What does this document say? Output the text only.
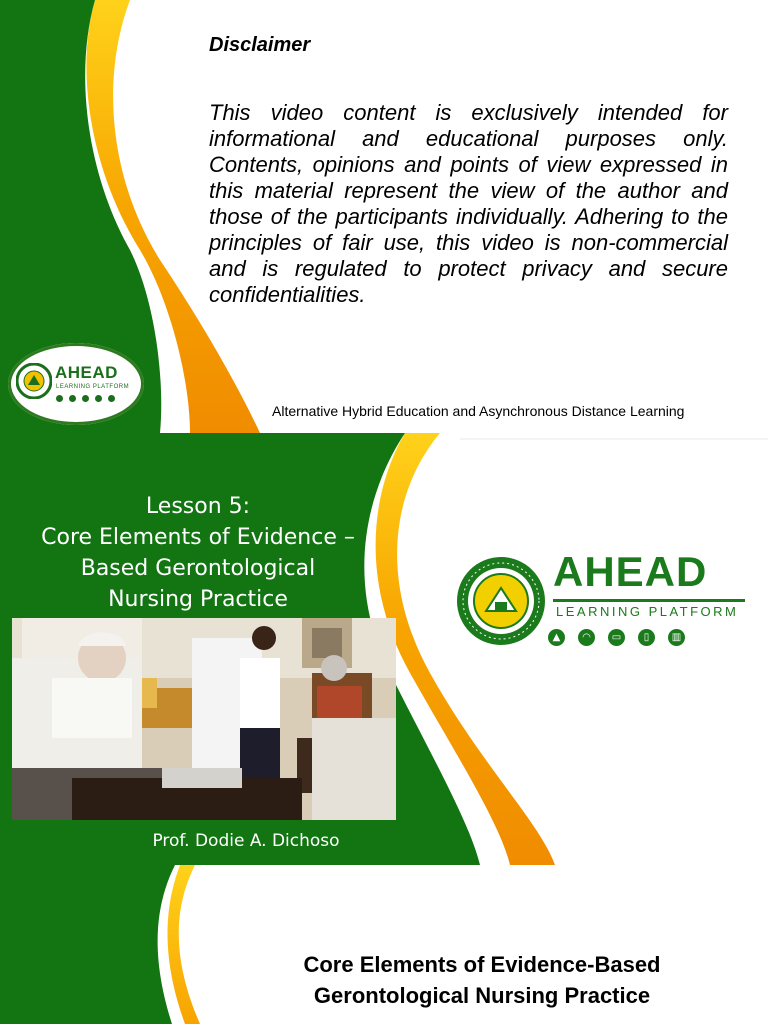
AHEAD
LEARNING PLATFORM
Disclaimer

This video content is exclusively intended for informational and educational purposes only. Contents, opinions and points of view expressed in this material represent the view of the author and those of the participants individually. Adhering to the principles of fair use, this video is non-commercial and is regulated to protect privacy and secure confidentialities.

Alternative Hybrid Education and Asynchronous Distance Learning
Lesson 5:
Core Elements of Evidence –
Based Gerontological
Nursing Practice
Prof. Dodie A. Dichoso
AHEAD
LEARNING PLATFORM
▲	◠	▭	▯	▥
Core Elements of Evidence-Based
Gerontological Nursing Practice
